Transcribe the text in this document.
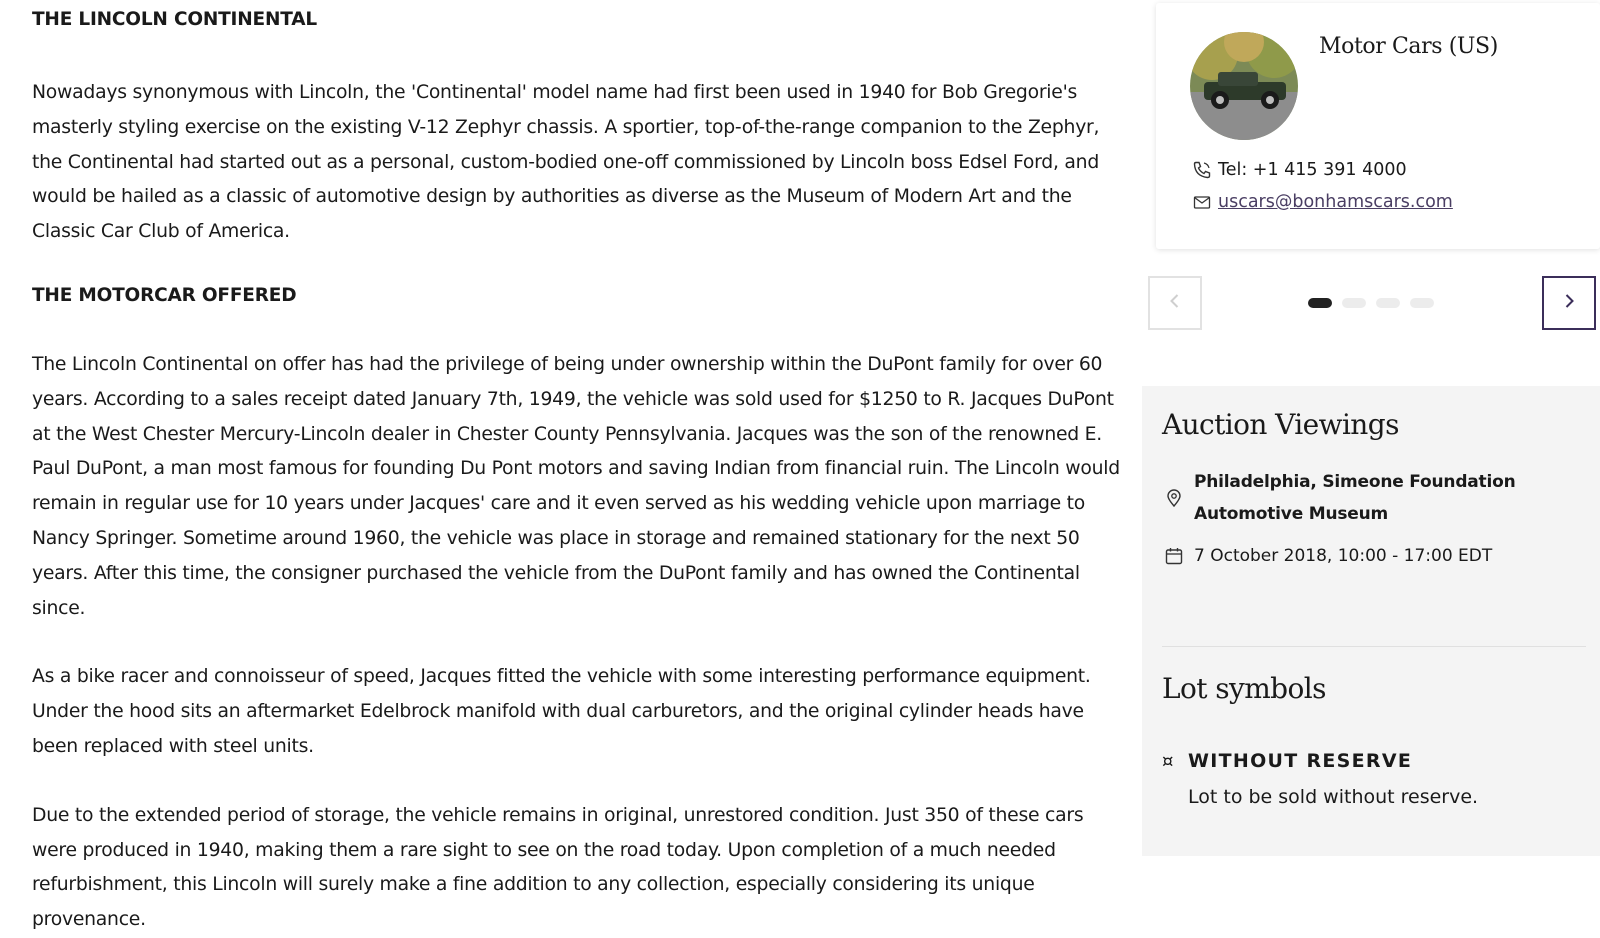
THE LINCOLN CONTINENTAL

Nowadays synonymous with Lincoln, the 'Continental' model name had first been used in 1940 for Bob Gregorie's masterly styling exercise on the existing V-12 Zephyr chassis. A sportier, top-of-the-range companion to the Zephyr, the Continental had started out as a personal, custom-bodied one-off commissioned by Lincoln boss Edsel Ford, and would be hailed as a classic of automotive design by authorities as diverse as the Museum of Modern Art and the Classic Car Club of America.

THE MOTORCAR OFFERED

The Lincoln Continental on offer has had the privilege of being under ownership within the DuPont family for over 60 years. According to a sales receipt dated January 7th, 1949, the vehicle was sold used for $1250 to R. Jacques DuPont at the West Chester Mercury-Lincoln dealer in Chester County Pennsylvania. Jacques was the son of the renowned E. Paul DuPont, a man most famous for founding Du Pont motors and saving Indian from financial ruin. The Lincoln would remain in regular use for 10 years under Jacques' care and it even served as his wedding vehicle upon marriage to Nancy Springer. Sometime around 1960, the vehicle was place in storage and remained stationary for the next 50 years. After this time, the consigner purchased the vehicle from the DuPont family and has owned the Continental since.

As a bike racer and connoisseur of speed, Jacques fitted the vehicle with some interesting performance equipment. Under the hood sits an aftermarket Edelbrock manifold with dual carburetors, and the original cylinder heads have been replaced with steel units.

Due to the extended period of storage, the vehicle remains in original, unrestored condition. Just 350 of these cars were produced in 1940, making them a rare sight to see on the road today. Upon completion of a much needed refurbishment, this Lincoln will surely make a fine addition to any collection, especially considering its unique provenance.

Motor Cars (US)
Tel: +1 415 391 4000
uscars@bonhamscars.com
Auction Viewings
Philadelphia, Simeone Foundation Automotive Museum
7 October 2018, 10:00 - 17:00 EDT
Lot symbols
¤ WITHOUT RESERVE
Lot to be sold without reserve.
